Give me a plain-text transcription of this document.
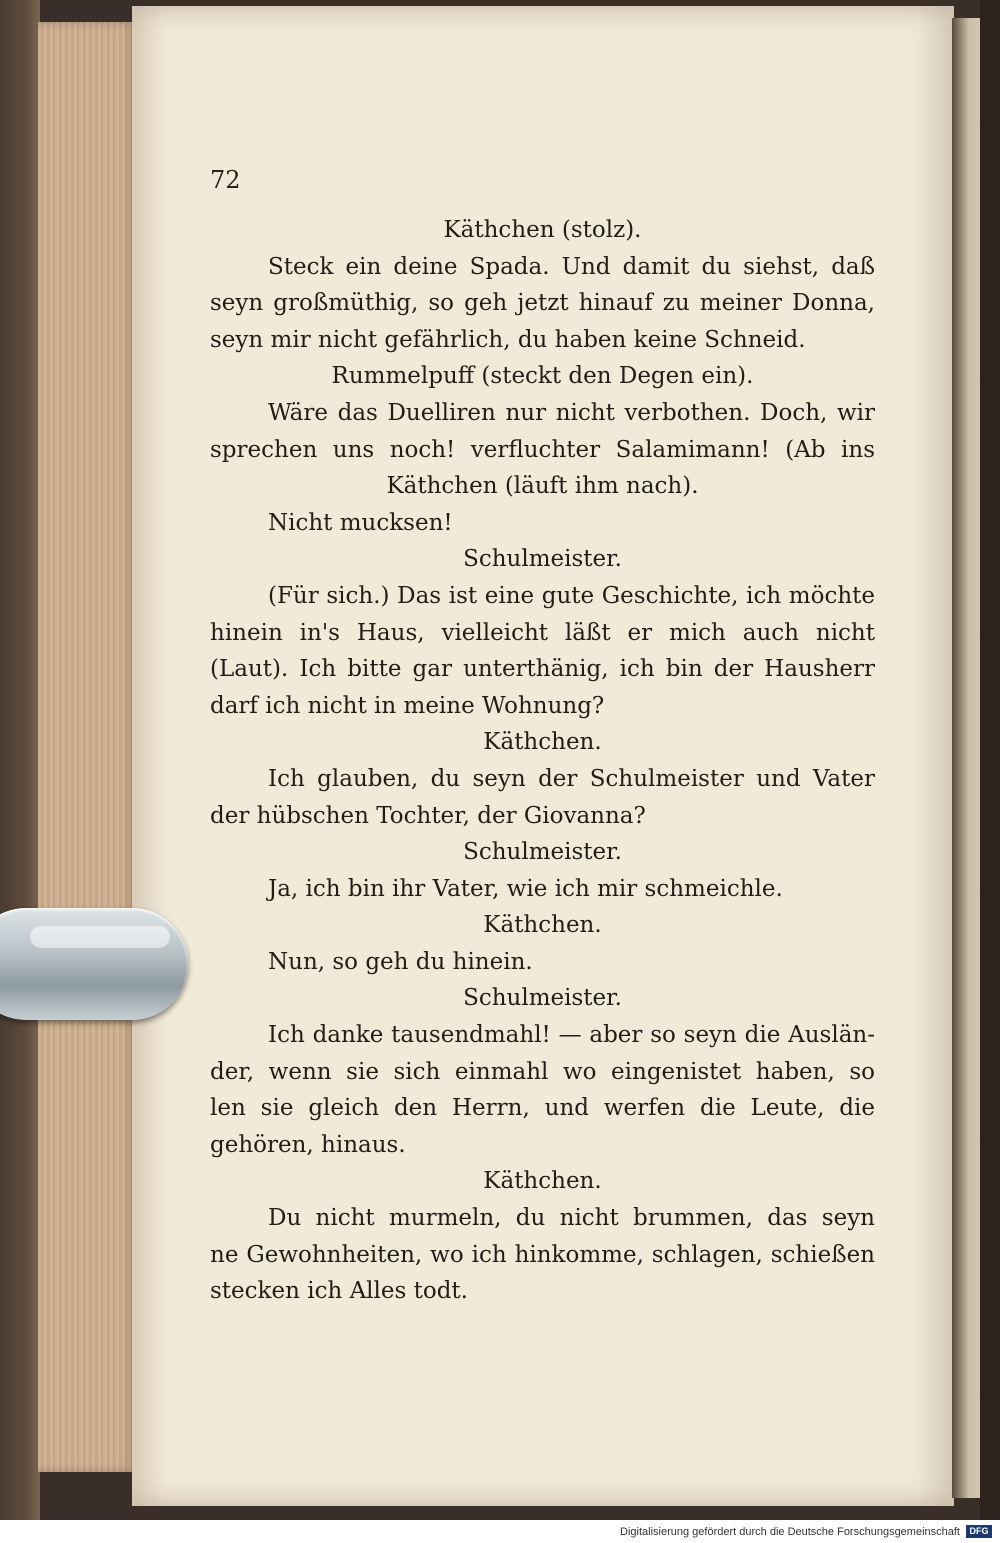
72
Käthchen (stolz).
Steck ein deine Spada. Und damit du siehst, daß
seyn großmüthig, so geh jetzt hinauf zu meiner Donna,
seyn mir nicht gefährlich, du haben keine Schneid.
Rummelpuff (steckt den Degen ein).
Wäre das Duelliren nur nicht verbothen. Doch, wir
sprechen uns noch! verfluchter Salamimann! (Ab ins
Käthchen (läuft ihm nach).
Nicht mucksen!
Schulmeister.
(Für sich.) Das ist eine gute Geschichte, ich möchte
hinein in's Haus, vielleicht läßt er mich auch nicht
(Laut). Ich bitte gar unterthänig, ich bin der Hausherr
darf ich nicht in meine Wohnung?
Käthchen.
Ich glauben, du seyn der Schulmeister und Vater
der hübschen Tochter, der Giovanna?
Schulmeister.
Ja, ich bin ihr Vater, wie ich mir schmeichle.
Käthchen.
Nun, so geh du hinein.
Schulmeister.
Ich danke tausendmahl! — aber so seyn die Auslän-
der, wenn sie sich einmahl wo eingenistet haben, so
len sie gleich den Herrn, und werfen die Leute, die
gehören, hinaus.
Käthchen.
Du nicht murmeln, du nicht brummen, das seyn
ne Gewohnheiten, wo ich hinkomme, schlagen, schießen
stecken ich Alles todt.
Digitalisierung gefördert durch die Deutsche Forschungsgemeinschaft	DFG
